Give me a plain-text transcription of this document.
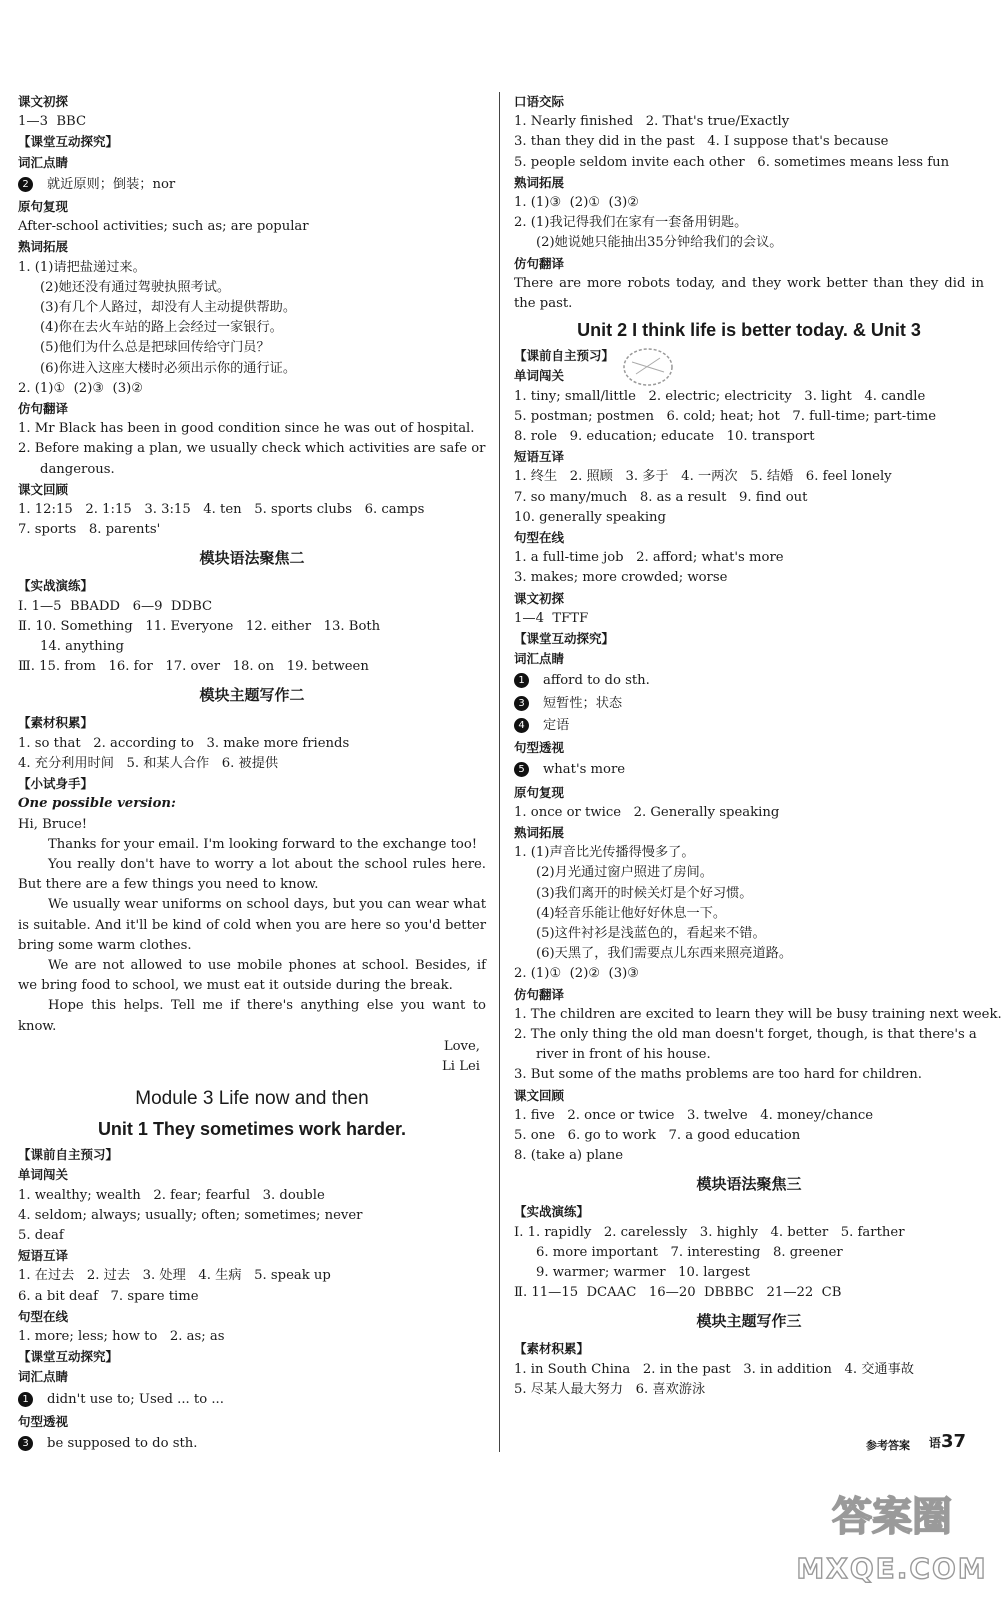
课文初探
1—3  BBC
【课堂互动探究】
词汇点睛
2 就近原则；倒装；nor
原句复现
After-school activities; such as; are popular
熟词拓展
1. (1)请把盐递过来。
(2)她还没有通过驾驶执照考试。
(3)有几个人路过，却没有人主动提供帮助。
(4)你在去火车站的路上会经过一家银行。
(5)他们为什么总是把球回传给守门员？
(6)你进入这座大楼时必须出示你的通行证。
2. (1)①  (2)③  (3)②
仿句翻译
1. Mr Black has been in good condition since he was out of hospital.
2. Before making a plan, we usually check which activities are safe or
dangerous.
课文回顾
1. 12:15   2. 1:15   3. 3:15   4. ten   5. sports clubs   6. camps
7. sports   8. parents'
模块语法聚焦二
【实战演练】
Ⅰ. 1—5  BBADD   6—9  DDBC
Ⅱ. 10. Something   11. Everyone   12. either   13. Both
14. anything
Ⅲ. 15. from   16. for   17. over   18. on   19. between
模块主题写作二
【素材积累】
1. so that   2. according to   3. make more friends
4. 充分利用时间   5. 和某人合作   6. 被提供
【小试身手】
One possible version:
Hi, Bruce!
Thanks for your email. I'm looking forward to the exchange too!
You really don't have to worry a lot about the school rules here. But there are a few things you need to know.
We usually wear uniforms on school days, but you can wear what is suitable. And it'll be kind of cold when you are here so you'd better bring some warm clothes.
We are not allowed to use mobile phones at school. Besides, if we bring food to school, we must eat it outside during the break.
Hope this helps. Tell me if there's anything else you want to know.
Love,
Li Lei
Module 3 Life now and then
Unit 1 They sometimes work harder.
【课前自主预习】
单词闯关
1. wealthy; wealth   2. fear; fearful   3. double
4. seldom; always; usually; often; sometimes; never
5. deaf
短语互译
1. 在过去   2. 过去   3. 处理   4. 生病   5. speak up
6. a bit deaf   7. spare time
句型在线
1. more; less; how to   2. as; as
【课堂互动探究】
词汇点睛
1 didn't use to; Used ... to ...
句型透视
3 be supposed to do sth.
口语交际
1. Nearly finished   2. That's true/Exactly
3. than they did in the past   4. I suppose that's because
5. people seldom invite each other   6. sometimes means less fun
熟词拓展
1. (1)③  (2)①  (3)②
2. (1)我记得我们在家有一套备用钥匙。
(2)她说她只能抽出35分钟给我们的会议。
仿句翻译
There are more robots today, and they work better than they did in the past.
Unit 2 I think life is better today. & Unit 3
【课前自主预习】
单词闯关
1. tiny; small/little   2. electric; electricity   3. light   4. candle
5. postman; postmen   6. cold; heat; hot   7. full-time; part-time
8. role   9. education; educate   10. transport
短语互译
1. 终生   2. 照顾   3. 多于   4. 一两次   5. 结婚   6. feel lonely
7. so many/much   8. as a result   9. find out
10. generally speaking
句型在线
1. a full-time job   2. afford; what's more
3. makes; more crowded; worse
课文初探
1—4  TFTF
【课堂互动探究】
词汇点睛
1 afford to do sth.
3 短暂性；状态
4 定语
句型透视
5 what's more
原句复现
1. once or twice   2. Generally speaking
熟词拓展
1. (1)声音比光传播得慢多了。
(2)月光通过窗户照进了房间。
(3)我们离开的时候关灯是个好习惯。
(4)轻音乐能让他好好休息一下。
(5)这件衬衫是浅蓝色的，看起来不错。
(6)天黑了，我们需要点儿东西来照亮道路。
2. (1)①  (2)②  (3)③
仿句翻译
1. The children are excited to learn they will be busy training next week.
2. The only thing the old man doesn't forget, though, is that there's a
river in front of his house.
3. But some of the maths problems are too hard for children.
课文回顾
1. five   2. once or twice   3. twelve   4. money/chance
5. one   6. go to work   7. a good education
8. (take a) plane
模块语法聚焦三
【实战演练】
Ⅰ. 1. rapidly   2. carelessly   3. highly   4. better   5. farther
6. more important   7. interesting   8. greener
9. warmer; warmer   10. largest
Ⅱ. 11—15  DCAAC   16—20  DBBBC   21—22  CB
模块主题写作三
【素材积累】
1. in South China   2. in the past   3. in addition   4. 交通事故
5. 尽某人最大努力   6. 喜欢游泳
参考答案 语37
答案圈
MXQE.COM
